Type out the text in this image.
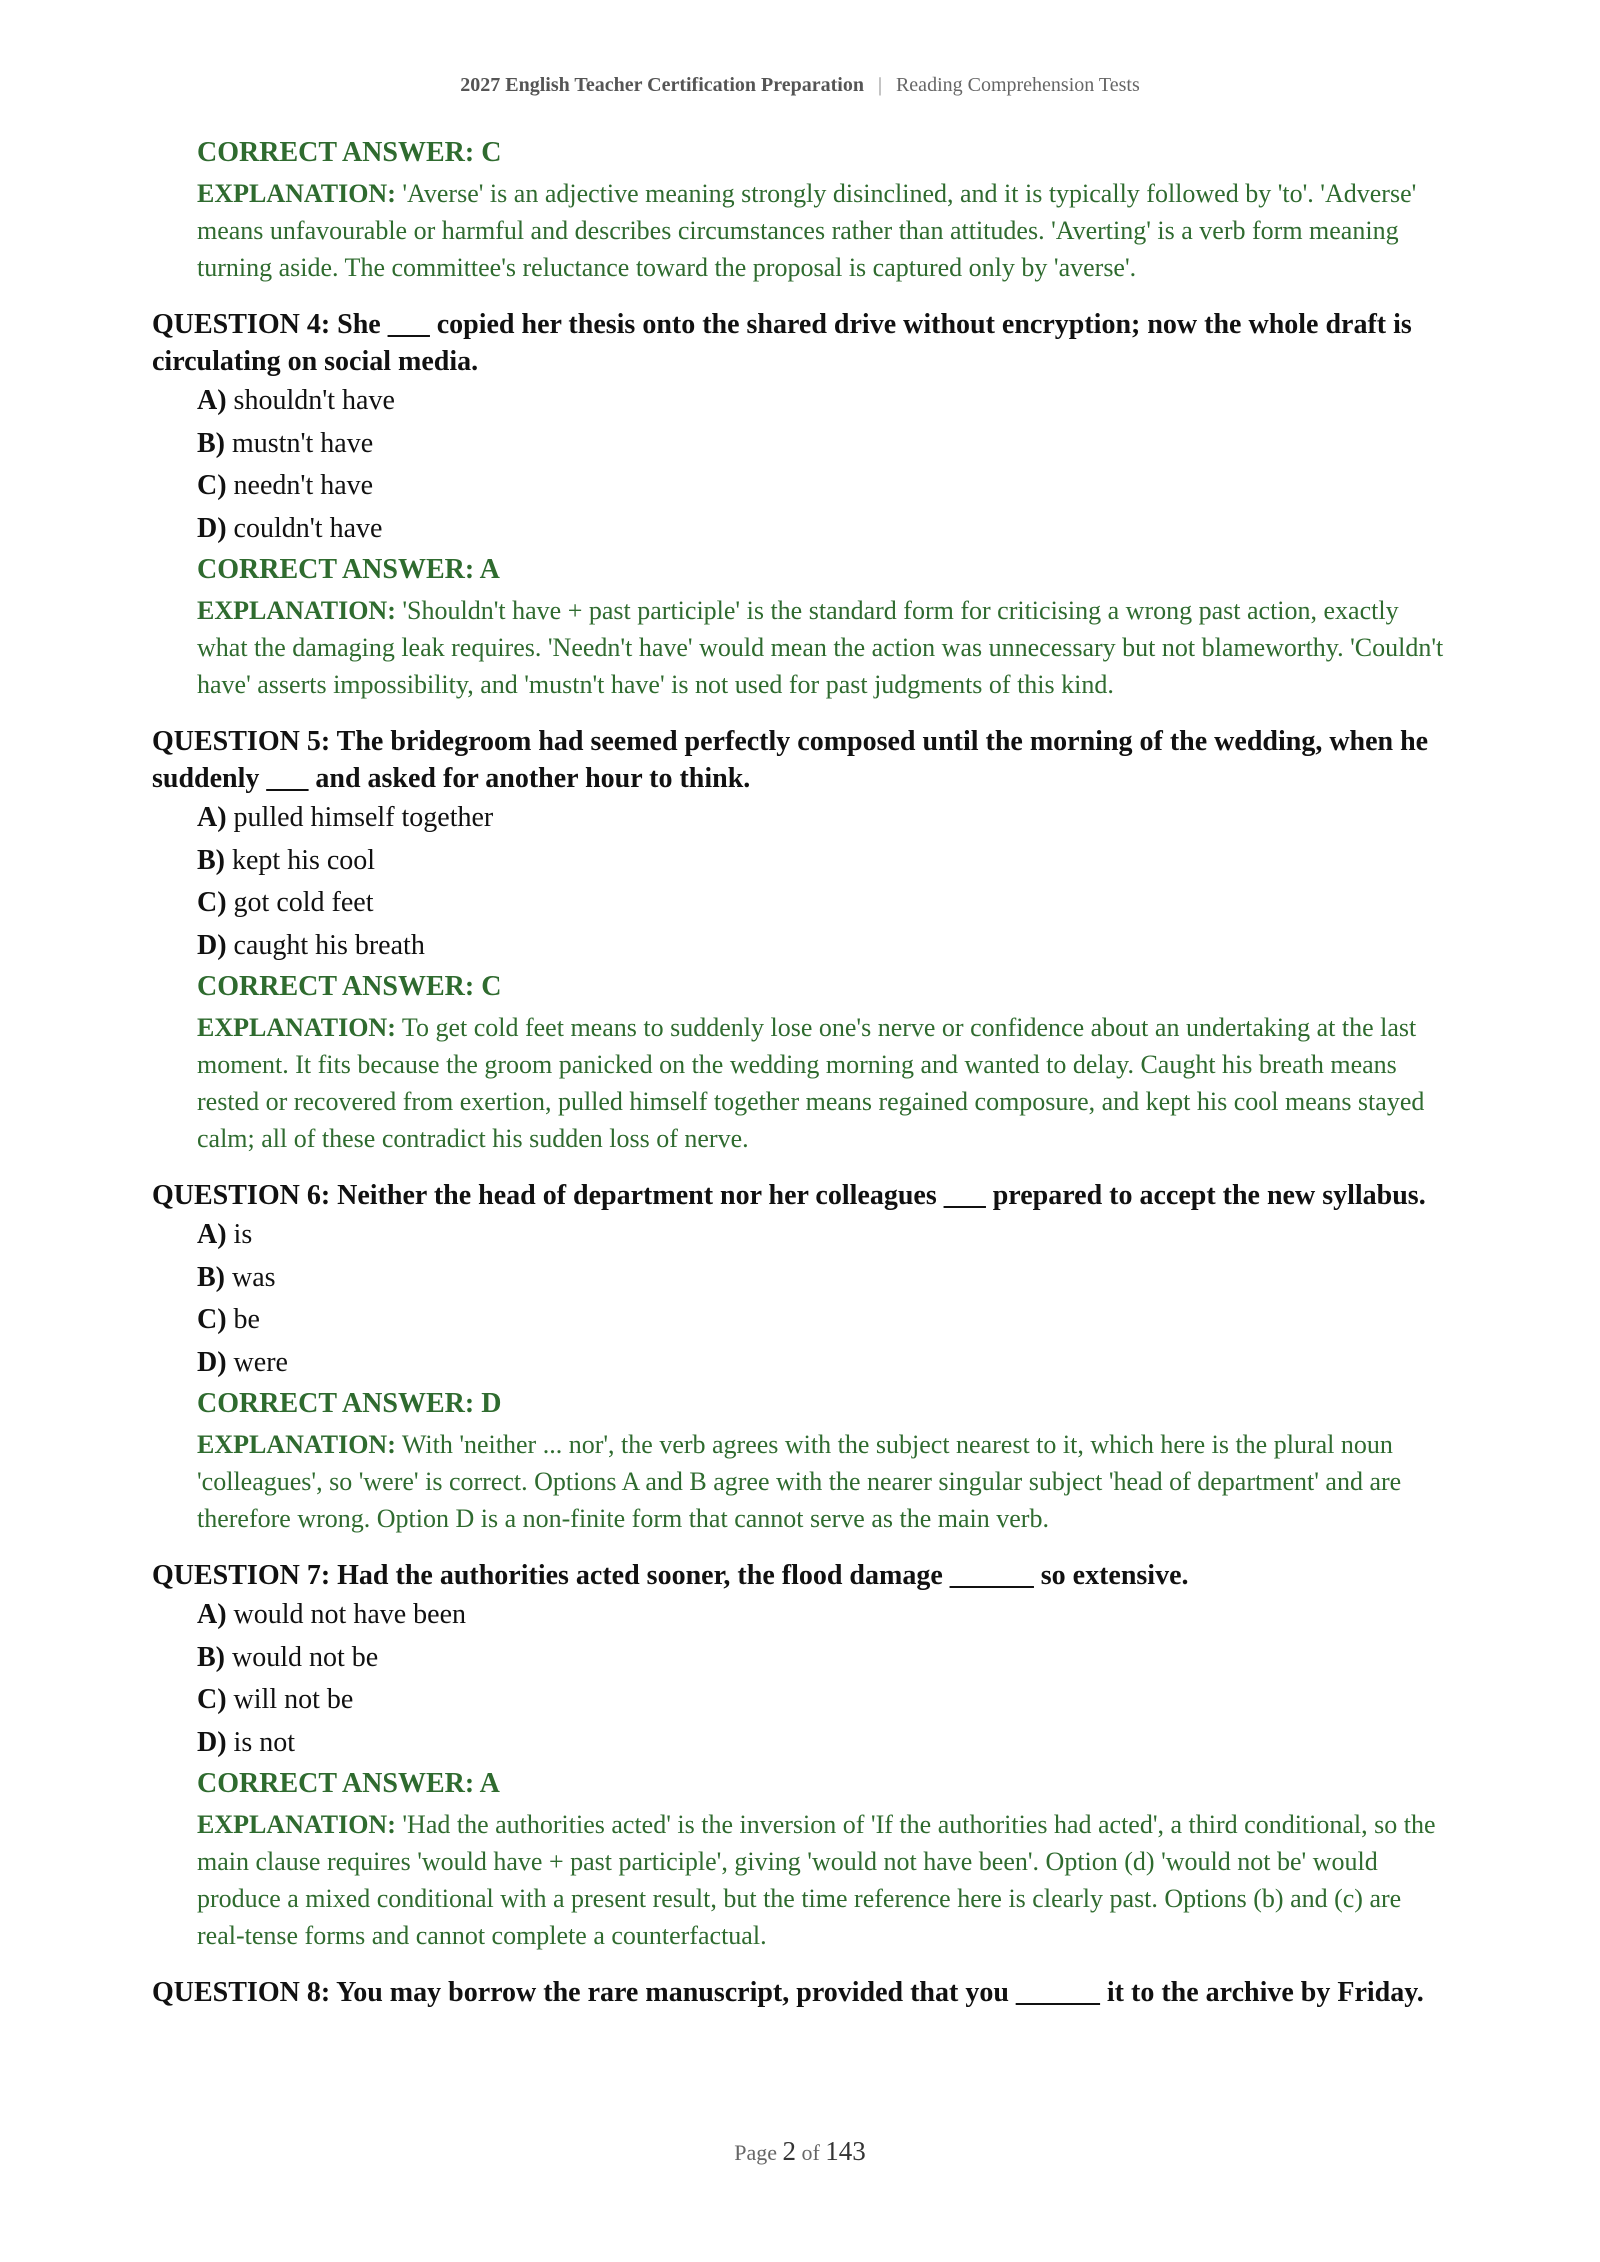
2027 English Teacher Certification Preparation | Reading Comprehension Tests
CORRECT ANSWER: C
EXPLANATION: 'Averse' is an adjective meaning strongly disinclined, and it is typically followed by 'to'. 'Adverse' means unfavourable or harmful and describes circumstances rather than attitudes. 'Averting' is a verb form meaning turning aside. The committee's reluctance toward the proposal is captured only by 'averse'.
QUESTION 4: She ___ copied her thesis onto the shared drive without encryption; now the whole draft is circulating on social media.
A) shouldn't have
B) mustn't have
C) needn't have
D) couldn't have
CORRECT ANSWER: A
EXPLANATION: 'Shouldn't have + past participle' is the standard form for criticising a wrong past action, exactly what the damaging leak requires. 'Needn't have' would mean the action was unnecessary but not blameworthy. 'Couldn't have' asserts impossibility, and 'mustn't have' is not used for past judgments of this kind.
QUESTION 5: The bridegroom had seemed perfectly composed until the morning of the wedding, when he suddenly ___ and asked for another hour to think.
A) pulled himself together
B) kept his cool
C) got cold feet
D) caught his breath
CORRECT ANSWER: C
EXPLANATION: To get cold feet means to suddenly lose one's nerve or confidence about an undertaking at the last moment. It fits because the groom panicked on the wedding morning and wanted to delay. Caught his breath means rested or recovered from exertion, pulled himself together means regained composure, and kept his cool means stayed calm; all of these contradict his sudden loss of nerve.
QUESTION 6: Neither the head of department nor her colleagues ___ prepared to accept the new syllabus.
A) is
B) was
C) be
D) were
CORRECT ANSWER: D
EXPLANATION: With 'neither ... nor', the verb agrees with the subject nearest to it, which here is the plural noun 'colleagues', so 'were' is correct. Options A and B agree with the nearer singular subject 'head of department' and are therefore wrong. Option D is a non-finite form that cannot serve as the main verb.
QUESTION 7: Had the authorities acted sooner, the flood damage ______ so extensive.
A) would not have been
B) would not be
C) will not be
D) is not
CORRECT ANSWER: A
EXPLANATION: 'Had the authorities acted' is the inversion of 'If the authorities had acted', a third conditional, so the main clause requires 'would have + past participle', giving 'would not have been'. Option (d) 'would not be' would produce a mixed conditional with a present result, but the time reference here is clearly past. Options (b) and (c) are real-tense forms and cannot complete a counterfactual.
QUESTION 8: You may borrow the rare manuscript, provided that you ______ it to the archive by Friday.
Page 2 of 143
